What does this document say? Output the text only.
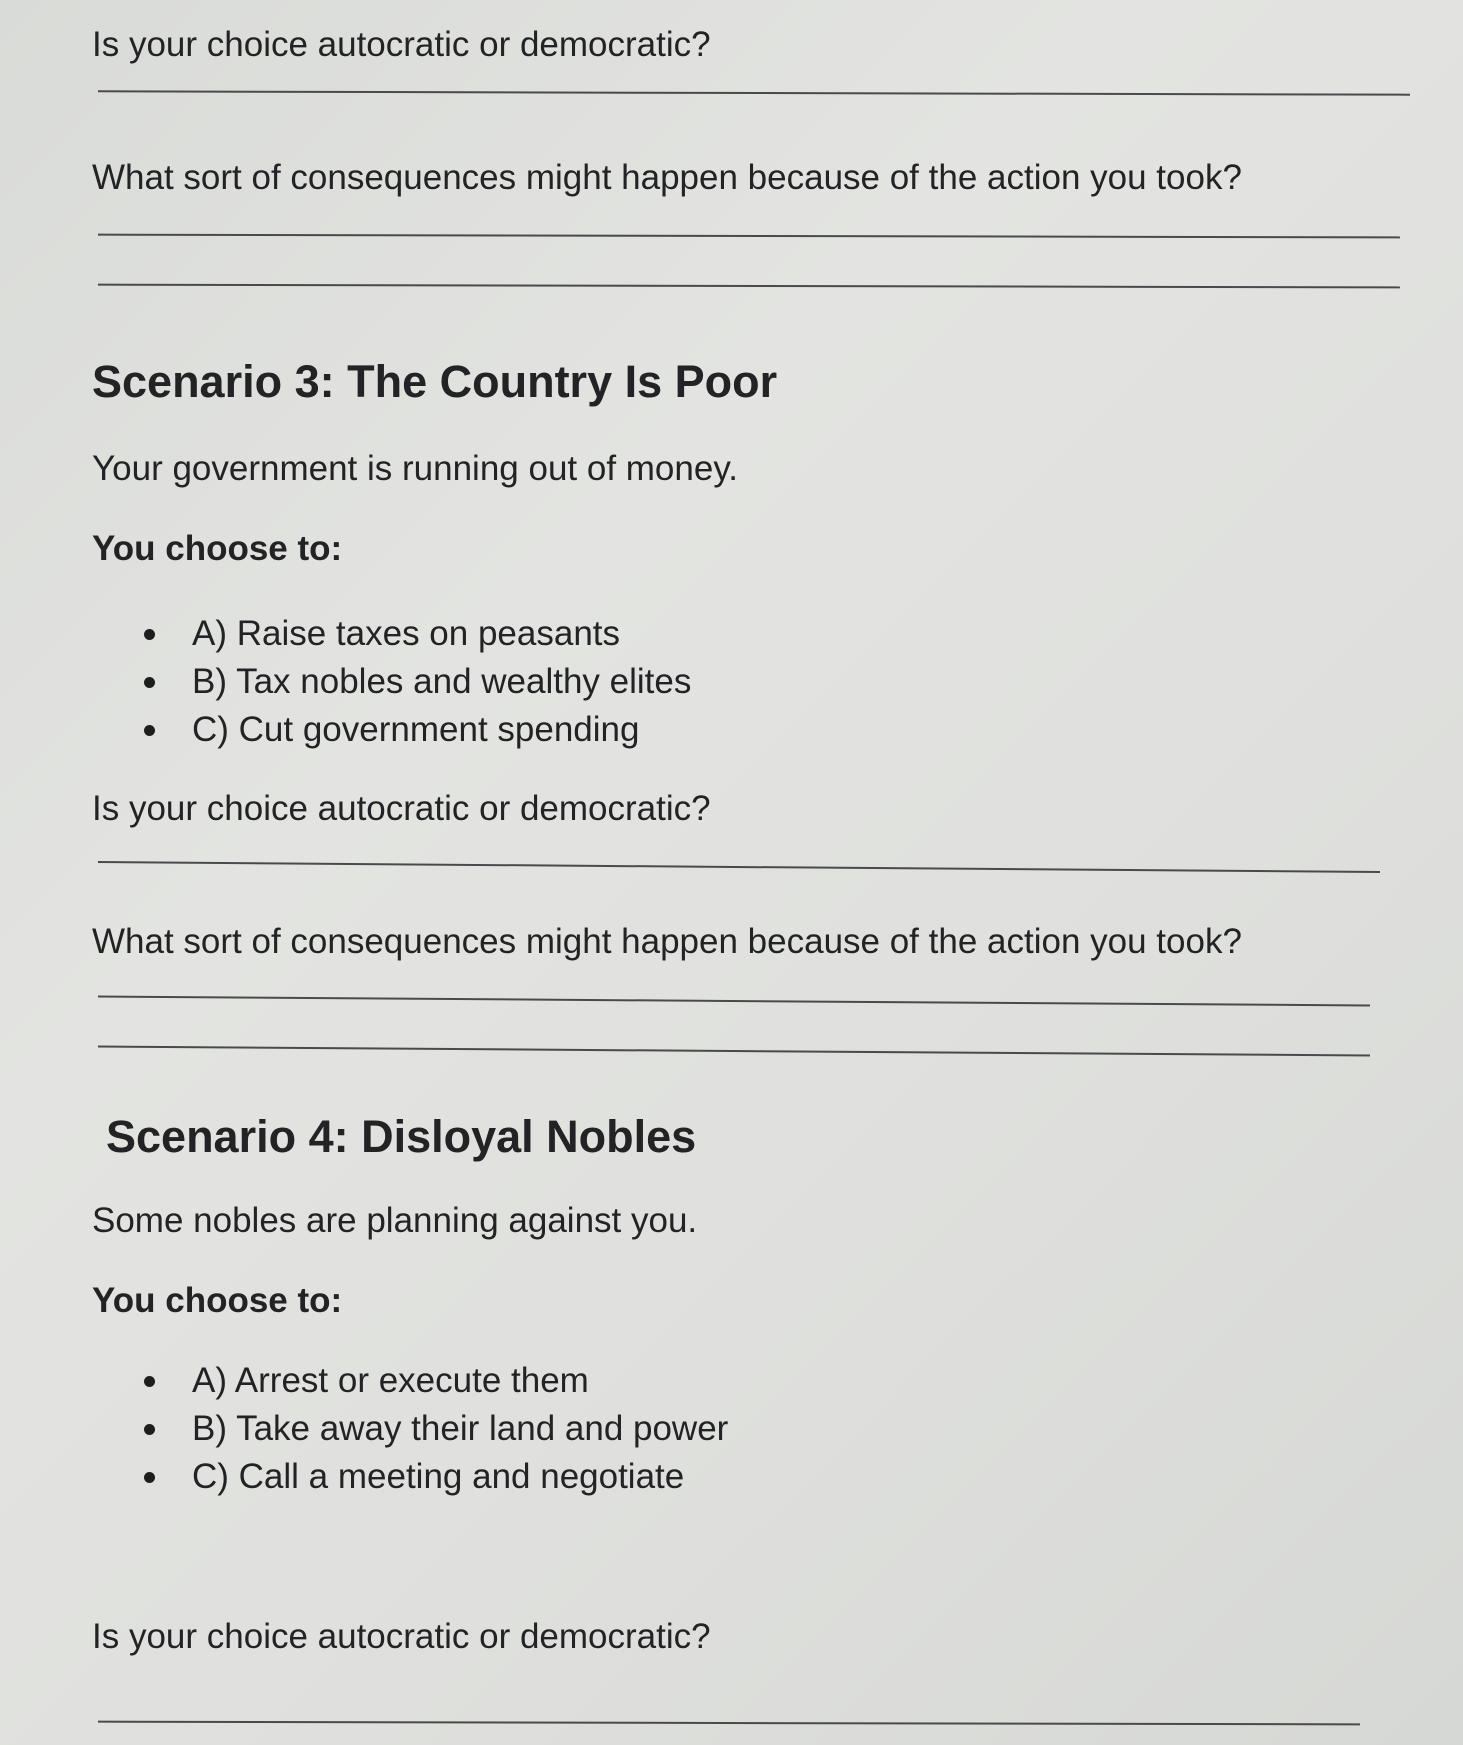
Is your choice autocratic or democratic?
What sort of consequences might happen because of the action you took?
Scenario 3: The Country Is Poor
Your government is running out of money.
You choose to:
A) Raise taxes on peasants
B) Tax nobles and wealthy elites
C) Cut government spending
Is your choice autocratic or democratic?
What sort of consequences might happen because of the action you took?
Scenario 4: Disloyal Nobles
Some nobles are planning against you.
You choose to:
A) Arrest or execute them
B) Take away their land and power
C) Call a meeting and negotiate
Is your choice autocratic or democratic?
